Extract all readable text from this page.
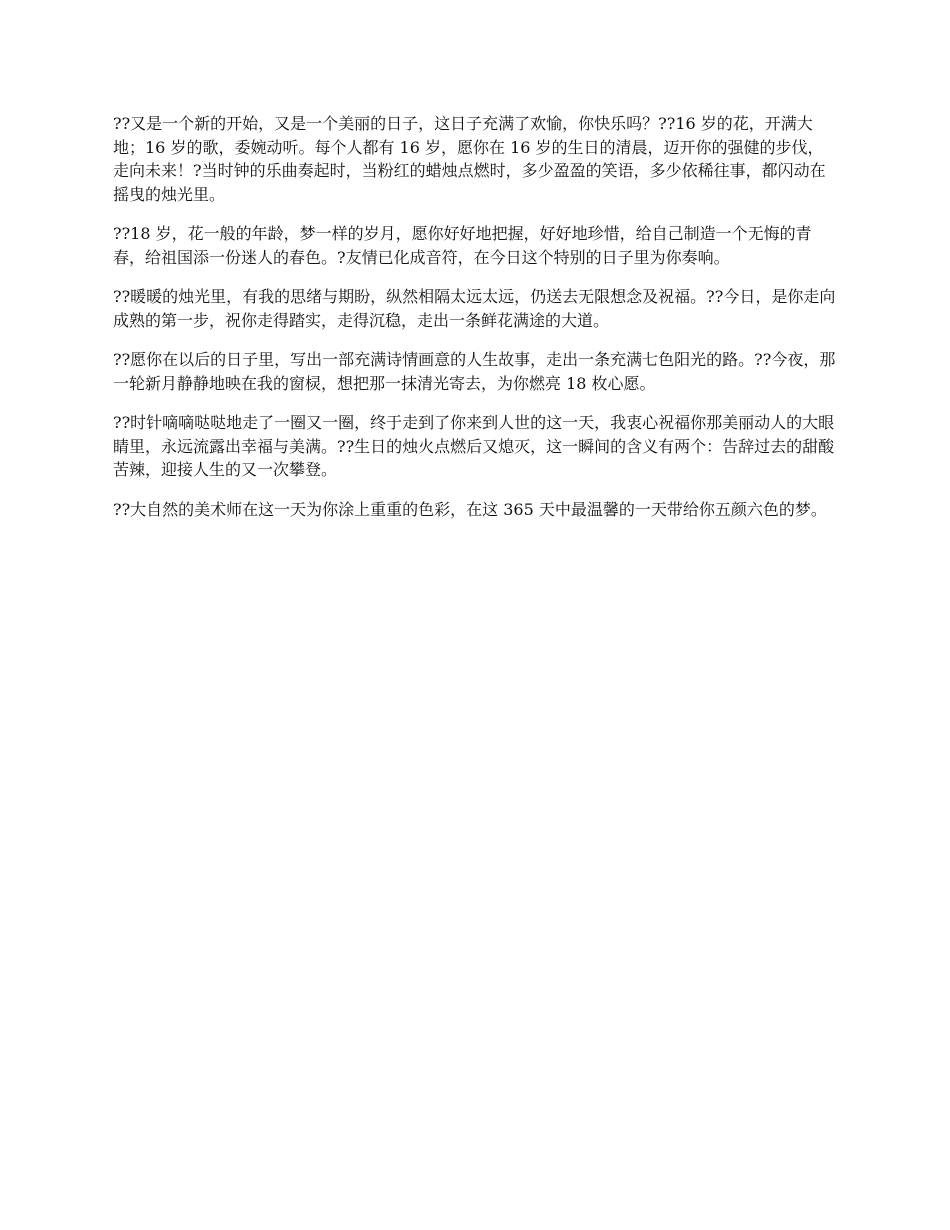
??又是一个新的开始，又是一个美丽的日子，这日子充满了欢愉，你快乐吗？??16 岁的花，开满大地；16 岁的歌，委婉动听。每个人都有 16 岁，愿你在 16 岁的生日的清晨，迈开你的强健的步伐，走向未来！?当时钟的乐曲奏起时，当粉红的蜡烛点燃时，多少盈盈的笑语，多少依稀往事，都闪动在摇曳的烛光里。

??18 岁，花一般的年龄，梦一样的岁月，愿你好好地把握，好好地珍惜，给自己制造一个无悔的青春，给祖国添一份迷人的春色。?友情已化成音符，在今日这个特别的日子里为你奏响。

??暖暖的烛光里，有我的思绪与期盼，纵然相隔太远太远，仍送去无限想念及祝福。??今日，是你走向成熟的第一步，祝你走得踏实，走得沉稳，走出一条鲜花满途的大道。

??愿你在以后的日子里，写出一部充满诗情画意的人生故事，走出一条充满七色阳光的路。??今夜，那一轮新月静静地映在我的窗棂，想把那一抹清光寄去，为你燃亮 18 枚心愿。

??时针嘀嘀哒哒地走了一圈又一圈，终于走到了你来到人世的这一天，我衷心祝福你那美丽动人的大眼睛里，永远流露出幸福与美满。??生日的烛火点燃后又熄灭，这一瞬间的含义有两个：告辞过去的甜酸苦辣，迎接人生的又一次攀登。

??大自然的美术师在这一天为你涂上重重的色彩，在这 365 天中最温馨的一天带给你五颜六色的梦。
